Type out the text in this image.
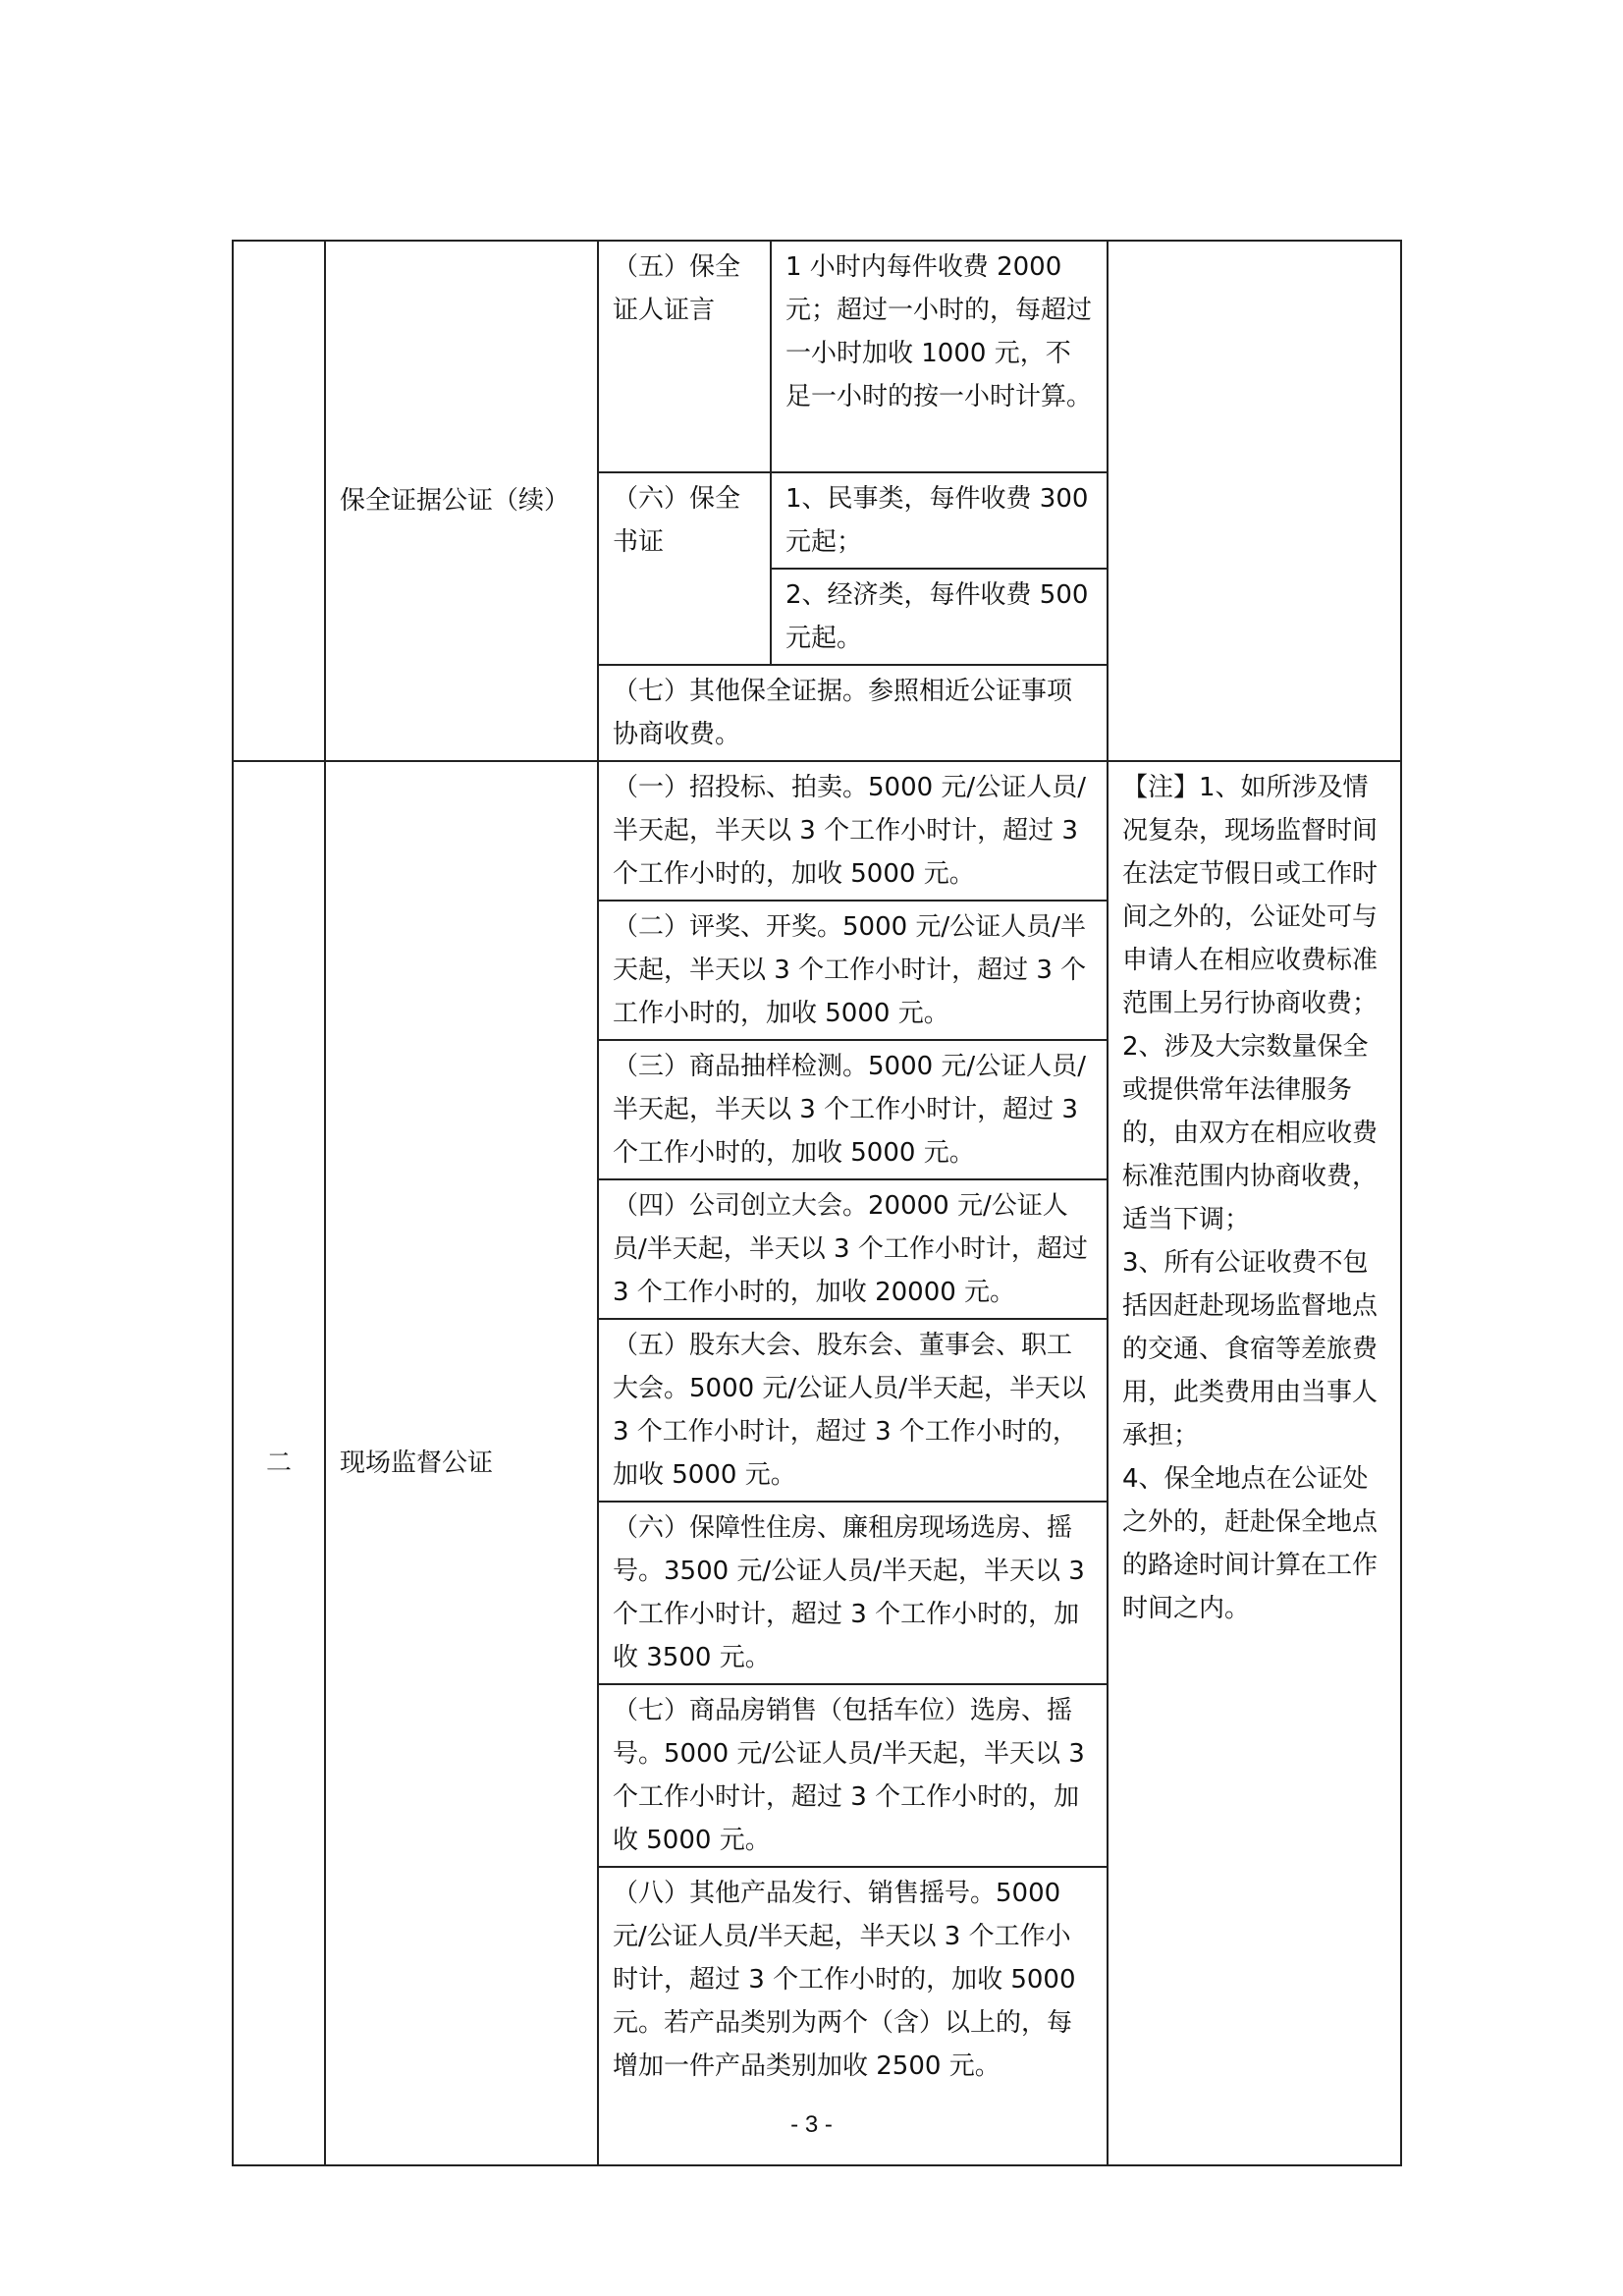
	保全证据公证（续）	（五）保全证人证言	1 小时内每件收费 2000 元；超过一小时的，每超过一小时加收 1000 元，不足一小时的按一小时计算。	
		（六）保全书证	1、民事类，每件收费 300 元起；	
			2、经济类，每件收费 500 元起。	
		（七）其他保全证据。参照相近公证事项协商收费。		
二	现场监督公证	（一）招投标、拍卖。5000 元/公证人员/半天起，半天以 3 个工作小时计，超过 3 个工作小时的，加收 5000 元。		【注】1、如所涉及情况复杂，现场监督时间在法定节假日或工作时间之外的，公证处可与申请人在相应收费标准范围上另行协商收费；
2、涉及大宗数量保全或提供常年法律服务的，由双方在相应收费标准范围内协商收费，适当下调；
3、所有公证收费不包括因赶赴现场监督地点的交通、食宿等差旅费用，此类费用由当事人承担；
4、保全地点在公证处之外的，赶赴保全地点的路途时间计算在工作时间之内。
		（二）评奖、开奖。5000 元/公证人员/半天起，半天以 3 个工作小时计，超过 3 个工作小时的，加收 5000 元。		
		（三）商品抽样检测。5000 元/公证人员/半天起，半天以 3 个工作小时计，超过 3 个工作小时的，加收 5000 元。		
		（四）公司创立大会。20000 元/公证人员/半天起，半天以 3 个工作小时计，超过 3 个工作小时的，加收 20000 元。		
		（五）股东大会、股东会、董事会、职工大会。5000 元/公证人员/半天起，半天以 3 个工作小时计，超过 3 个工作小时的，加收 5000 元。		
		（六）保障性住房、廉租房现场选房、摇号。3500 元/公证人员/半天起，半天以 3 个工作小时计，超过 3 个工作小时的，加收 3500 元。		
		（七）商品房销售（包括车位）选房、摇号。5000 元/公证人员/半天起，半天以 3 个工作小时计，超过 3 个工作小时的，加收 5000 元。		
		（八）其他产品发行、销售摇号。5000 元/公证人员/半天起，半天以 3 个工作小时计，超过 3 个工作小时的，加收 5000 元。若产品类别为两个（含）以上的，每增加一件产品类别加收 2500 元。		
- 3 -
